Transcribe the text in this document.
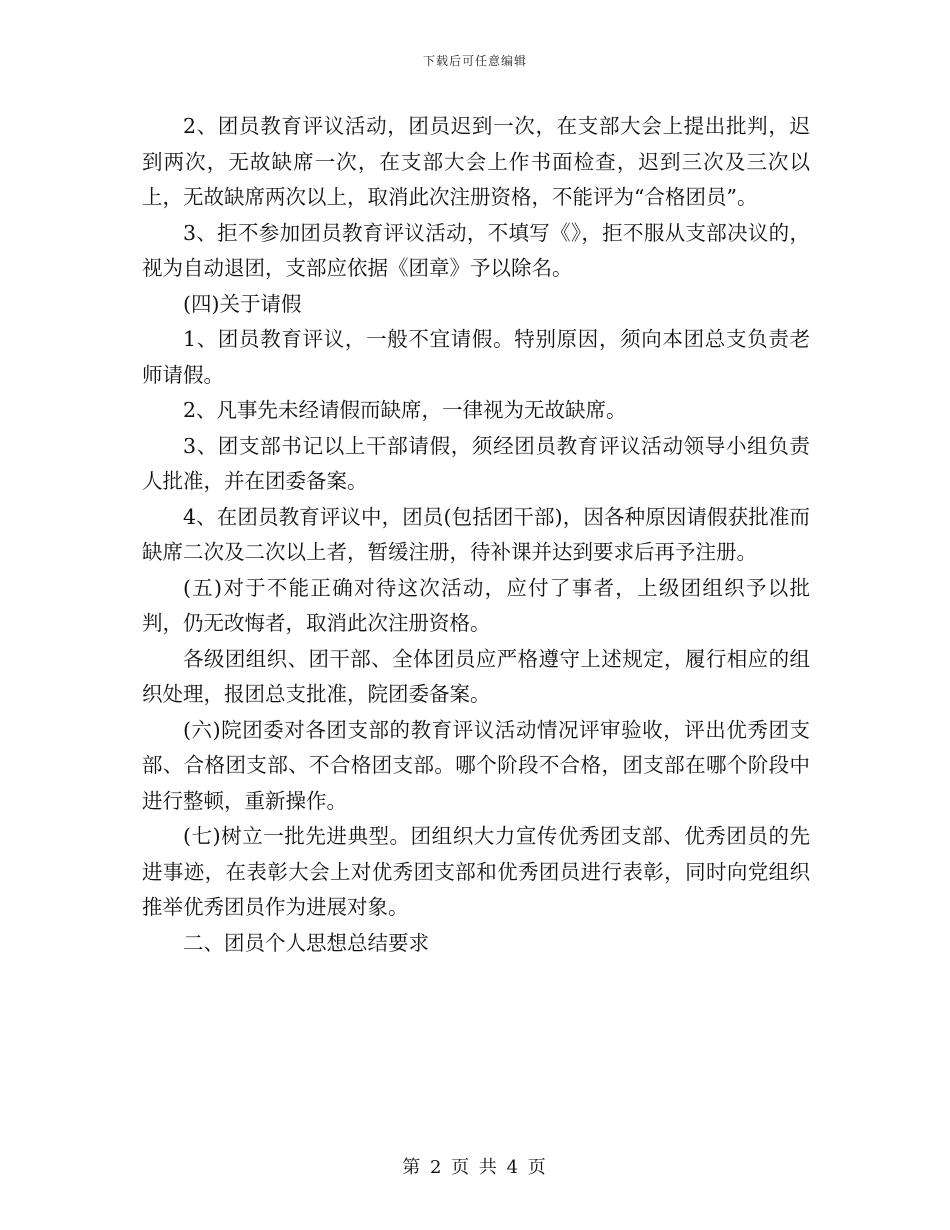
下载后可任意编辑

2、团员教育评议活动，团员迟到一次，在支部大会上提出批判，迟到两次，无故缺席一次，在支部大会上作书面检查，迟到三次及三次以上，无故缺席两次以上，取消此次注册资格，不能评为“合格团员”。

3、拒不参加团员教育评议活动，不填写《》，拒不服从支部决议的，视为自动退团，支部应依据《团章》予以除名。

(四)关于请假

1、团员教育评议，一般不宜请假。特别原因，须向本团总支负责老师请假。

2、凡事先未经请假而缺席，一律视为无故缺席。

3、团支部书记以上干部请假，须经团员教育评议活动领导小组负责人批准，并在团委备案。

4、在团员教育评议中，团员(包括团干部)，因各种原因请假获批准而缺席二次及二次以上者，暂缓注册，待补课并达到要求后再予注册。

(五)对于不能正确对待这次活动，应付了事者，上级团组织予以批判，仍无改悔者，取消此次注册资格。

各级团组织、团干部、全体团员应严格遵守上述规定，履行相应的组织处理，报团总支批准，院团委备案。

(六)院团委对各团支部的教育评议活动情况评审验收，评出优秀团支部、合格团支部、不合格团支部。哪个阶段不合格，团支部在哪个阶段中进行整顿，重新操作。

(七)树立一批先进典型。团组织大力宣传优秀团支部、优秀团员的先进事迹，在表彰大会上对优秀团支部和优秀团员进行表彰，同时向党组织推举优秀团员作为进展对象。

二、团员个人思想总结要求

第 2 页 共 4 页
